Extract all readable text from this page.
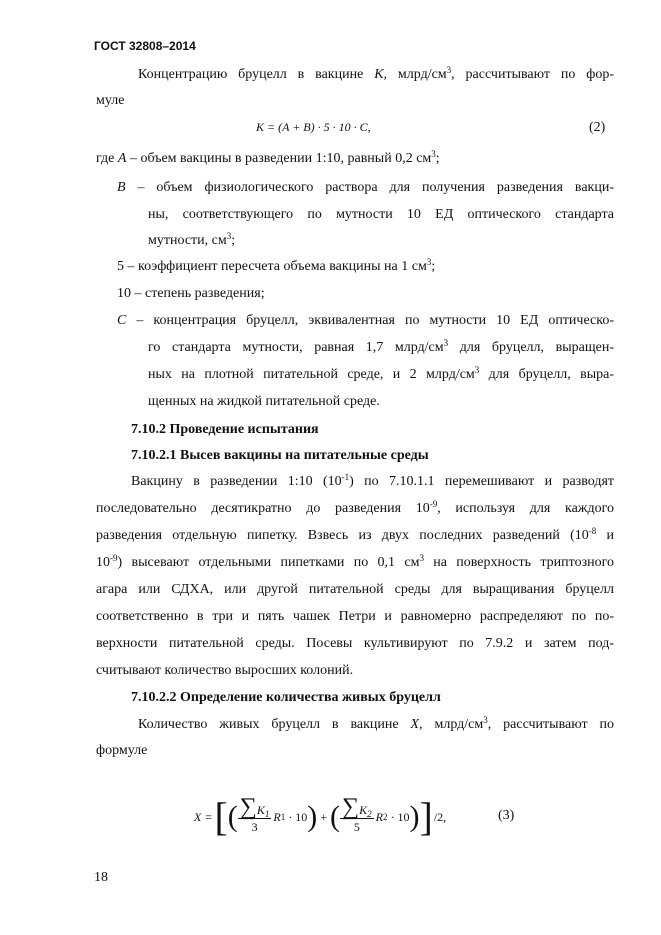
ГОСТ 32808–2014
Концентрацию бруцелл в вакцине K, млрд/$см^3$, рассчитывают по фор-
муле
K = (A + B) · 5 · 10 · C,	(2)
где A – объем вакцины в разведении 1:10, равный 0,2 $см^3$;
B – объем физиологического раствора для получения разведения вакци-
ны, соответствующего по мутности 10 ЕД оптического стандарта
мутности, $см^3$;
5 – коэффициент пересчета объема вакцины на 1 $см^3$;
10 – степень разведения;
C – концентрация бруцелл, эквивалентная по мутности 10 ЕД оптическо-
го стандарта мутности, равная 1,7 млрд/$см^3$ для бруцелл, выращен-
ных на плотной питательной среде, и 2 млрд/$см^3$ для бруцелл, выра-
щенных на жидкой питательной среде.
7.10.2 Проведение испытания
7.10.2.1 Высев вакцины на питательные среды
Вакцину в разведении 1:10 $(10^{-1})$ по 7.10.1.1 перемешивают и разводят
последовательно десятикратно до разведения $10^{-9}$, используя для каждого
разведения отдельную пипетку. Взвесь из двух последних разведений ($10^{-8}$ и
$10^{-9}$) высевают отдельными пипетками по 0,1 $см^3$ на поверхность триптозного
агара или СДХА, или другой питательной среды для выращивания бруцелл
соответственно в три и пять чашек Петри и равномерно распределяют по по-
верхности питательной среды. Посевы культивируют по 7.9.2 и затем под-
считывают количество выросших колоний.
7.10.2.2 Определение количества живых бруцелл
Количество живых бруцелл в вакцине X, млрд/$см^3$, рассчитывают по
формуле
X = [ ( $\frac{\sum K_1}{3}$ R 1 · 10 ) + ( $\frac{\sum K_2}{5}$ R 2 · 10 ) ] /2,	(3)
18
